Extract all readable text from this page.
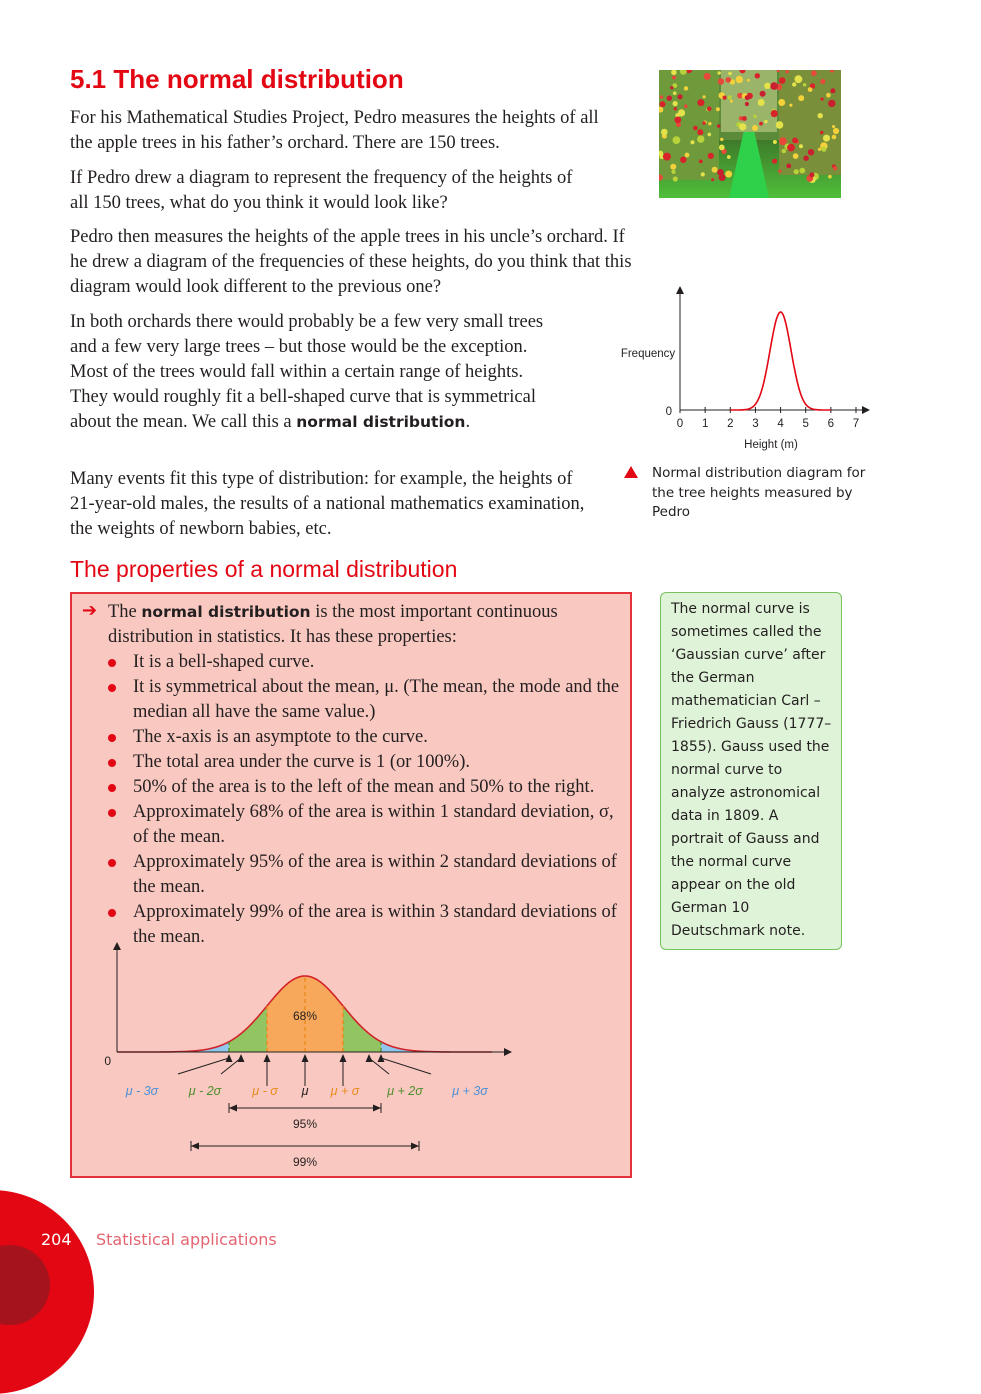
5.1 The normal distribution

For his Mathematical Studies Project, Pedro measures the heights of all the apple trees in his father’s orchard. There are 150 trees.

If Pedro drew a diagram to represent the frequency of the heights of all 150 trees, what do you think it would look like?

Pedro then measures the heights of the apple trees in his uncle’s orchard. If he drew a diagram of the frequencies of these heights, do you think that this diagram would look different to the previous one?

In both orchards there would probably be a few very small trees and a few very large trees – but those would be the exception. Most of the trees would fall within a certain range of heights. They would roughly fit a bell-shaped curve that is symmetrical about the mean. We call this a normal distribution.

Many events fit this type of distribution: for example, the heights of 21-year-old males, the results of a national mathematics examination, the weights of newborn babies, etc.

Frequency
0
Height (m)
0 1 2 3 4 5 6 7
Normal distribution diagram for the tree heights measured by Pedro
The properties of a normal distribution
➔ The normal distribution is the most important continuous distribution in statistics. It has these properties:

It is a bell-shaped curve.
It is symmetrical about the mean, μ. (The mean, the mode and the median all have the same value.)
The x-axis is an asymptote to the curve.
The total area under the curve is 1 (or 100%).
50% of the area is to the left of the mean and 50% to the right.
Approximately 68% of the area is within 1 standard deviation, σ, of the mean.
Approximately 95% of the area is within 2 standard deviations of the mean.
Approximately 99% of the area is within 3 standard deviations of the mean.
0
68%
μ - 3σ μ - 2σ μ - σ μ μ + σ μ + 2σ μ + 3σ
95%
99%
The normal curve is sometimes called the ‘Gaussian curve’ after the German mathematician Carl – Friedrich Gauss (1777–1855). Gauss used the normal curve to analyze astronomical data in 1809. A portrait of Gauss and the normal curve appear on the old German 10 Deutschmark note.
204 Statistical applications
